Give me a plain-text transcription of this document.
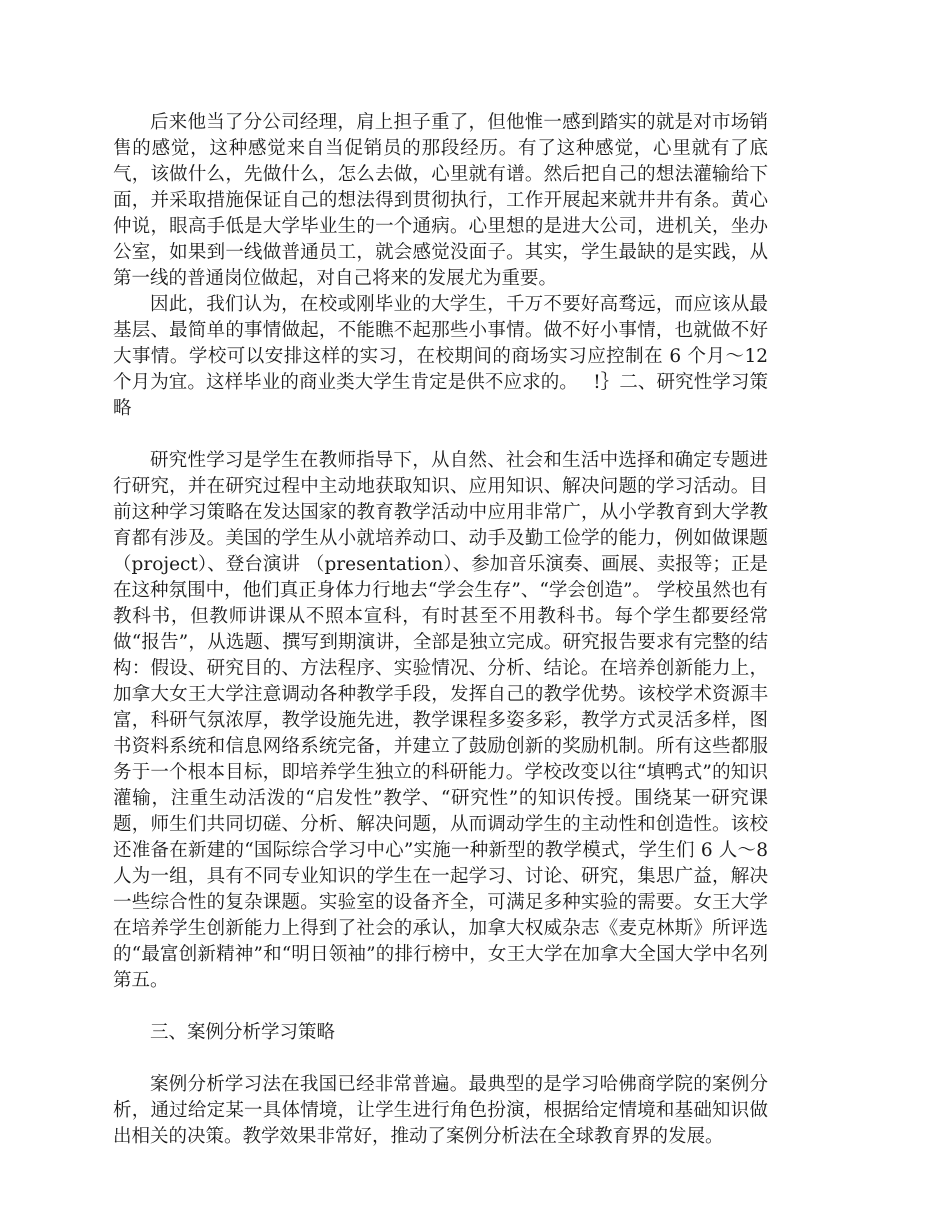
后来他当了分公司经理，肩上担子重了，但他惟一感到踏实的就是对市场销售的感觉，这种感觉来自当促销员的那段经历。有了这种感觉，心里就有了底气，该做什么，先做什么，怎么去做，心里就有谱。然后把自己的想法灌输给下面，并采取措施保证自己的想法得到贯彻执行，工作开展起来就井井有条。黄心仲说，眼高手低是大学毕业生的一个通病。心里想的是进大公司，进机关，坐办公室，如果到一线做普通员工，就会感觉没面子。其实，学生最缺的是实践，从第一线的普通岗位做起，对自己将来的发展尤为重要。

因此，我们认为，在校或刚毕业的大学生，千万不要好高骛远，而应该从最基层、最简单的事情做起，不能瞧不起那些小事情。做不好小事情，也就做不好大事情。学校可以安排这样的实习，在校期间的商场实习应控制在 6 个月～12 个月为宜。这样毕业的商业类大学生肯定是供不应求的。　 !｝二、研究性学习策略

研究性学习是学生在教师指导下，从自然、社会和生活中选择和确定专题进行研究，并在研究过程中主动地获取知识、应用知识、解决问题的学习活动。目前这种学习策略在发达国家的教育教学活动中应用非常广，从小学教育到大学教育都有涉及。美国的学生从小就培养动口、动手及勤工俭学的能力，例如做课题（project）、登台演讲 （presentation）、参加音乐演奏、画展、卖报等；正是在这种氛围中，他们真正身体力行地去“学会生存”、“学会创造”。 学校虽然也有教科书，但教师讲课从不照本宣科，有时甚至不用教科书。每个学生都要经常做“报告”，从选题、撰写到期演讲，全部是独立完成。研究报告要求有完整的结构：假设、研究目的、方法程序、实验情况、分析、结论。在培养创新能力上，加拿大女王大学注意调动各种教学手段，发挥自己的教学优势。该校学术资源丰富，科研气氛浓厚，教学设施先进，教学课程多姿多彩，教学方式灵活多样，图书资料系统和信息网络系统完备，并建立了鼓励创新的奖励机制。所有这些都服务于一个根本目标，即培养学生独立的科研能力。学校改变以往“填鸭式”的知识灌输，注重生动活泼的“启发性”教学、“研究性”的知识传授。围绕某一研究课题，师生们共同切磋、分析、解决问题，从而调动学生的主动性和创造性。该校还准备在新建的“国际综合学习中心”实施一种新型的教学模式，学生们 6 人～8 人为一组，具有不同专业知识的学生在一起学习、讨论、研究，集思广益，解决一些综合性的复杂课题。实验室的设备齐全，可满足多种实验的需要。女王大学在培养学生创新能力上得到了社会的承认，加拿大权威杂志《麦克林斯》所评选的“最富创新精神”和“明日领袖”的排行榜中，女王大学在加拿大全国大学中名列第五。

三、案例分析学习策略

案例分析学习法在我国已经非常普遍。最典型的是学习哈佛商学院的案例分析，通过给定某一具体情境，让学生进行角色扮演，根据给定情境和基础知识做出相关的决策。教学效果非常好，推动了案例分析法在全球教育界的发展。
